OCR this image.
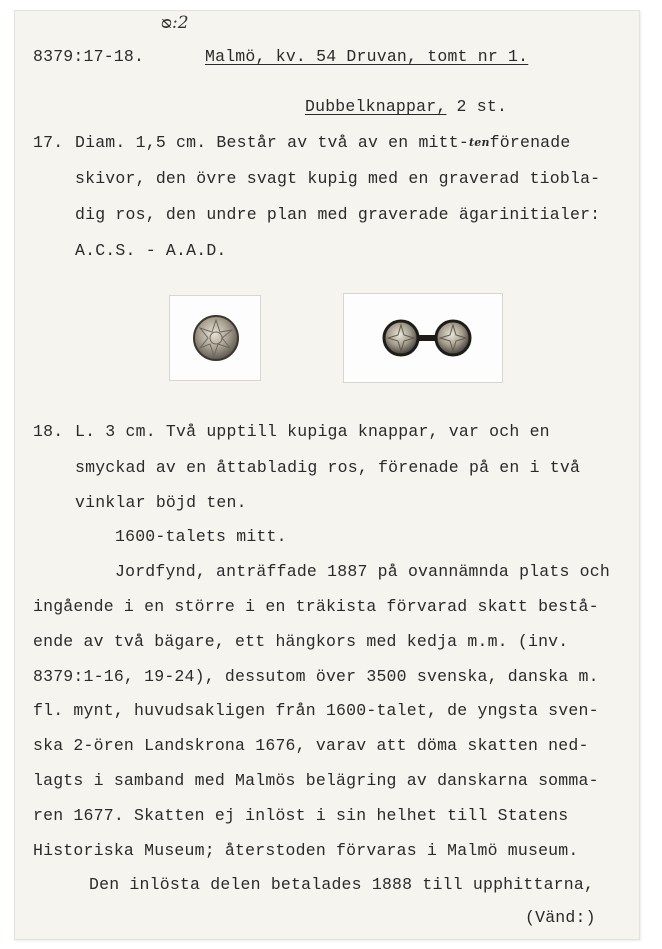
ᴓ:2
8379:17-18.	Malmö, kv. 54 Druvan, tomt nr 1.
Dubbelknappar, 2 st.
17. Diam. 1,5 cm. Består av två av en mitt-tenförenade
skivor, den övre svagt kupig med en graverad tiobla-
dig ros, den undre plan med graverade ägarinitialer:
A.C.S. - A.A.D.
18. L. 3 cm. Två upptill kupiga knappar, var och en
smyckad av en åttabladig ros, förenade på en i två
vinklar böjd ten.
1600-talets mitt.
Jordfynd, anträffade 1887 på ovannämnda plats och
ingående i en större i en träkista förvarad skatt bestå-
ende av två bägare, ett hängkors med kedja m.m. (inv.
8379:1-16, 19-24), dessutom över 3500 svenska, danska m.
fl. mynt, huvudsakligen från 1600-talet, de yngsta sven-
ska 2-ören Landskrona 1676, varav att döma skatten ned-
lagts i samband med Malmös belägring av danskarna somma-
ren 1677. Skatten ej inlöst i sin helhet till Statens
Historiska Museum; återstoden förvaras i Malmö museum.
Den inlösta delen betalades 1888 till upphittarna,
(Vänd:)
